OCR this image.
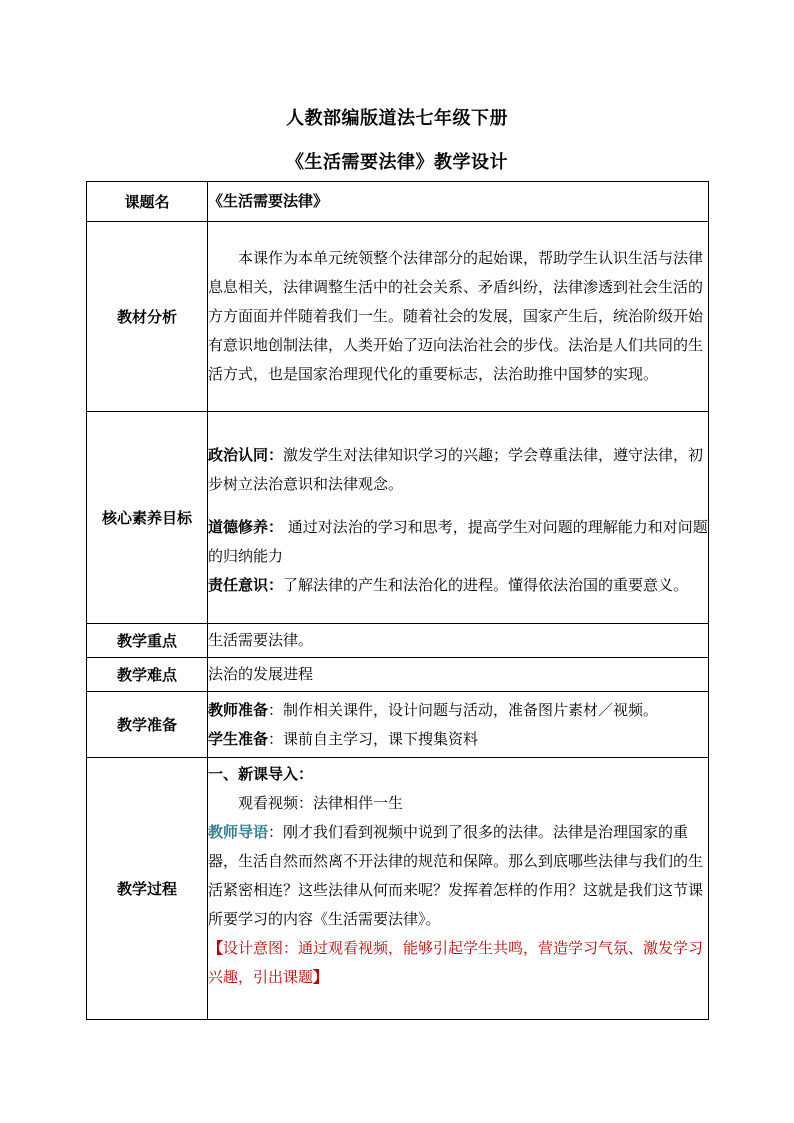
人教部编版道法七年级下册
《生活需要法律》教学设计
课题名	《生活需要法律》
教材分析	本课作为本单元统领整个法律部分的起始课，帮助学生认识生活与法律息息相关，法律调整生活中的社会关系、矛盾纠纷，法律渗透到社会生活的方方面面并伴随着我们一生。随着社会的发展，国家产生后，统治阶级开始有意识地创制法律，人类开始了迈向法治社会的步伐。法治是人们共同的生活方式，也是国家治理现代化的重要标志，法治助推中国梦的实现。

核心素养目标	政治认同：激发学生对法律知识学习的兴趣；学会尊重法律，遵守法律，初步树立法治意识和法律观念。

道德修养： 通过对法治的学习和思考，提高学生对问题的理解能力和对问题的归纳能力

责任意识：了解法律的产生和法治化的进程。懂得依法治国的重要意义。

教学重点	生活需要法律。
教学难点	法治的发展进程
教学准备	教师准备：制作相关课件，设计问题与活动，准备图片素材／视频。

学生准备：课前自主学习，课下搜集资料

教学过程	一、新课导入：

观看视频：法律相伴一生

教师导语：刚才我们看到视频中说到了很多的法律。法律是治理国家的重器，生活自然而然离不开法律的规范和保障。那么到底哪些法律与我们的生活紧密相连？这些法律从何而来呢？发挥着怎样的作用？这就是我们这节课所要学习的内容《生活需要法律》。

【设计意图：通过观看视频，能够引起学生共鸣，营造学习气氛、激发学习兴趣，引出课题】
